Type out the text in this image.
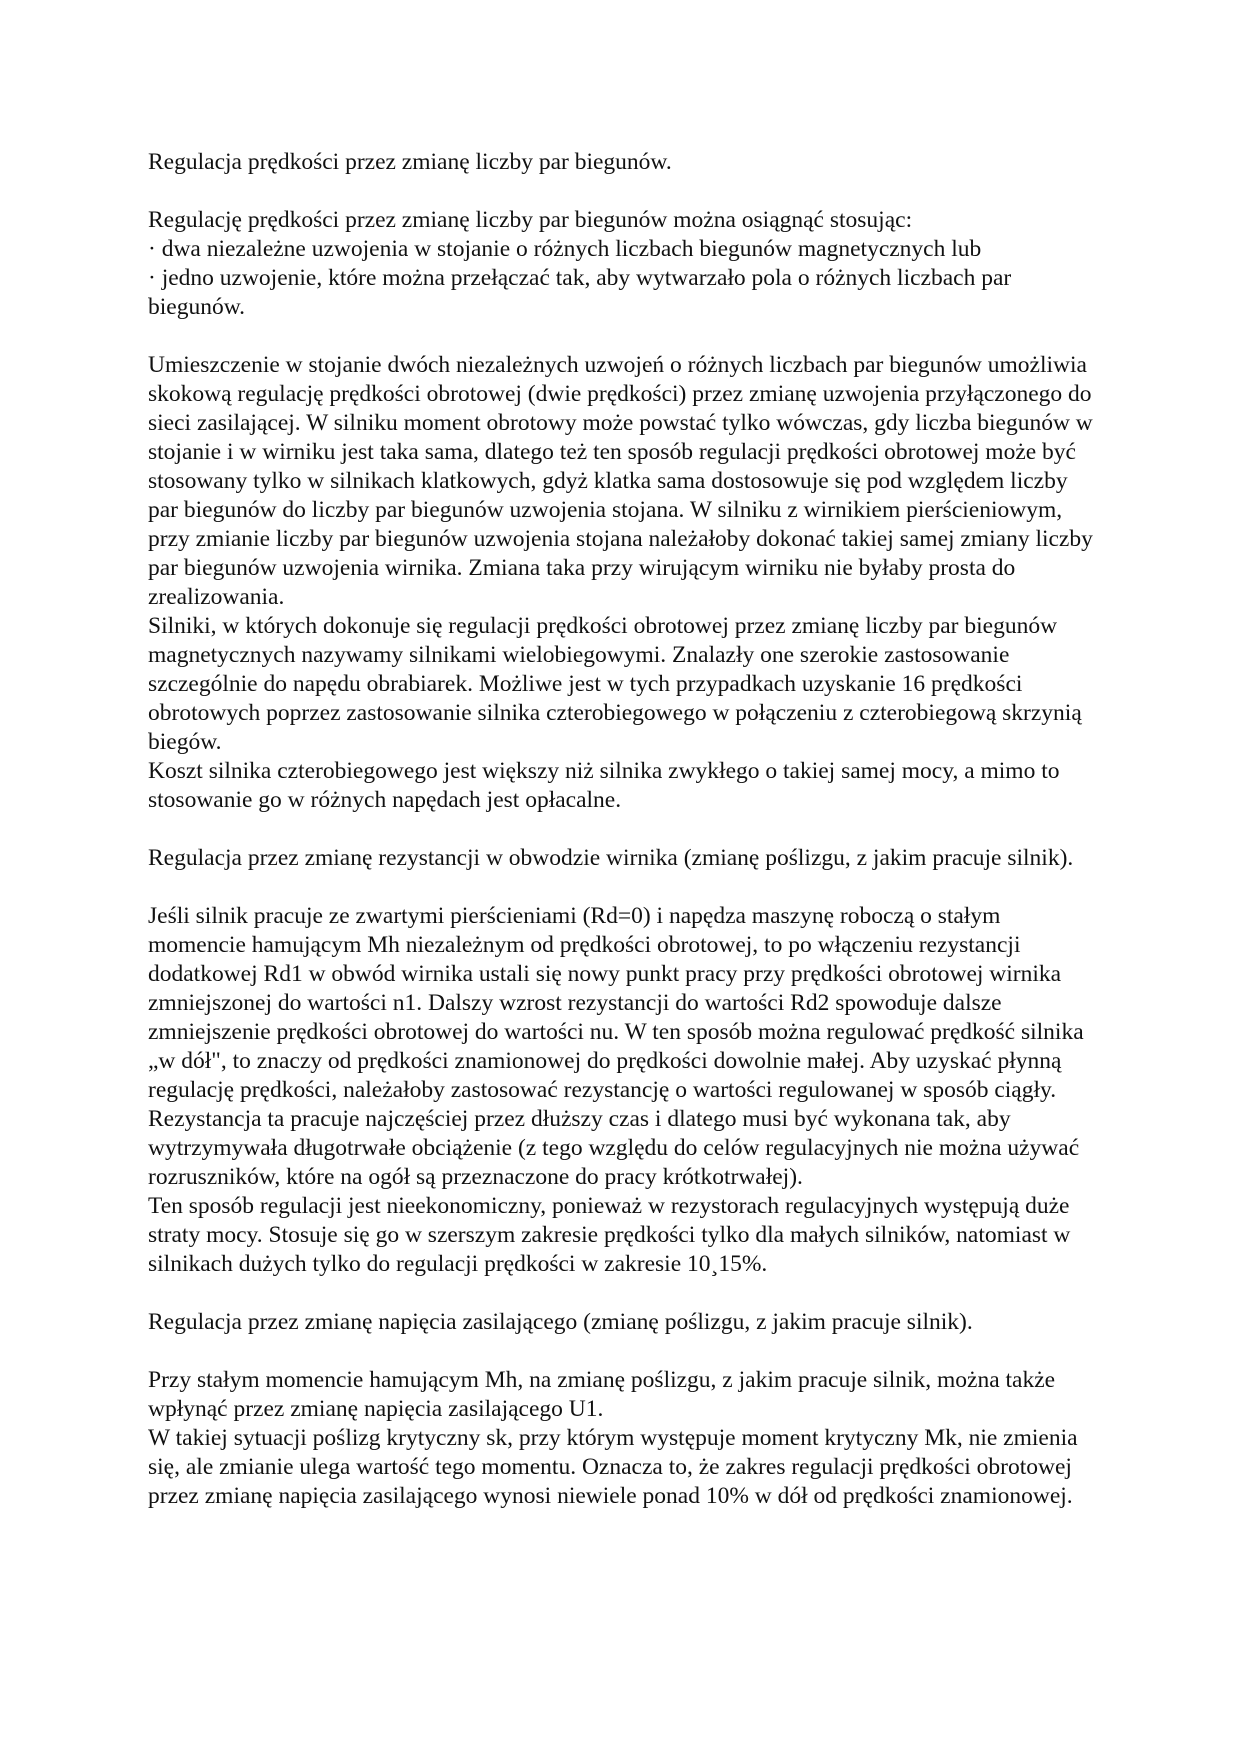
Regulacja prędkości przez zmianę liczby par biegunów.

Regulację prędkości przez zmianę liczby par biegunów można osiągnąć stosując:

· dwa niezależne uzwojenia w stojanie o różnych liczbach biegunów magnetycznych lub

· jedno uzwojenie, które można przełączać tak, aby wytwarzało pola o różnych liczbach par biegunów.

Umieszczenie w stojanie dwóch niezależnych uzwojeń o różnych liczbach par biegunów umożliwia skokową regulację prędkości obrotowej (dwie prędkości) przez zmianę uzwojenia przyłączonego do sieci zasilającej. W silniku moment obrotowy może powstać tylko wówczas, gdy liczba biegunów w stojanie i w wirniku jest taka sama, dlatego też ten sposób regulacji prędkości obrotowej może być stosowany tylko w silnikach klatkowych, gdyż klatka sama dostosowuje się pod względem liczby par biegunów do liczby par biegunów uzwojenia stojana. W silniku z wirnikiem pierścieniowym, przy zmianie liczby par biegunów uzwojenia stojana należałoby dokonać takiej samej zmiany liczby par biegunów uzwojenia wirnika. Zmiana taka przy wirującym wirniku nie byłaby prosta do zrealizowania.

Silniki, w których dokonuje się regulacji prędkości obrotowej przez zmianę liczby par biegunów magnetycznych nazywamy silnikami wielobiegowymi. Znalazły one szerokie zastosowanie szczególnie do napędu obrabiarek. Możliwe jest w tych przypadkach uzyskanie 16 prędkości obrotowych poprzez zastosowanie silnika czterobiegowego w połączeniu z czterobiegową skrzynią biegów.

Koszt silnika czterobiegowego jest większy niż silnika zwykłego o takiej samej mocy, a mimo to stosowanie go w różnych napędach jest opłacalne.

Regulacja przez zmianę rezystancji w obwodzie wirnika (zmianę poślizgu, z jakim pracuje silnik).

Jeśli silnik pracuje ze zwartymi pierścieniami (Rd=0) i napędza maszynę roboczą o stałym momencie hamującym Mh niezależnym od prędkości obrotowej, to po włączeniu rezystancji dodatkowej Rd1 w obwód wirnika ustali się nowy punkt pracy przy prędkości obrotowej wirnika zmniejszonej do wartości n1. Dalszy wzrost rezystancji do wartości Rd2 spowoduje dalsze zmniejszenie prędkości obrotowej do wartości nu. W ten sposób można regulować prędkość silnika „w dół", to znaczy od prędkości znamionowej do prędkości dowolnie małej. Aby uzyskać płynną regulację prędkości, należałoby zastosować rezystancję o wartości regulowanej w sposób ciągły. Rezystancja ta pracuje najczęściej przez dłuższy czas i dlatego musi być wykonana tak, aby wytrzymywała długotrwałe obciążenie (z tego względu do celów regulacyjnych nie można używać rozruszników, które na ogół są przeznaczone do pracy krótkotrwałej).

Ten sposób regulacji jest nieekonomiczny, ponieważ w rezystorach regulacyjnych występują duże straty mocy. Stosuje się go w szerszym zakresie prędkości tylko dla małych silników, natomiast w silnikach dużych tylko do regulacji prędkości w zakresie 10¸15%.

Regulacja przez zmianę napięcia zasilającego (zmianę poślizgu, z jakim pracuje silnik).

Przy stałym momencie hamującym Mh, na zmianę poślizgu, z jakim pracuje silnik, można także wpłynąć przez zmianę napięcia zasilającego U1.

W takiej sytuacji poślizg krytyczny sk, przy którym występuje moment krytyczny Mk, nie zmienia się, ale zmianie ulega wartość tego momentu. Oznacza to, że zakres regulacji prędkości obrotowej przez zmianę napięcia zasilającego wynosi niewiele ponad 10% w dół od prędkości znamionowej.
